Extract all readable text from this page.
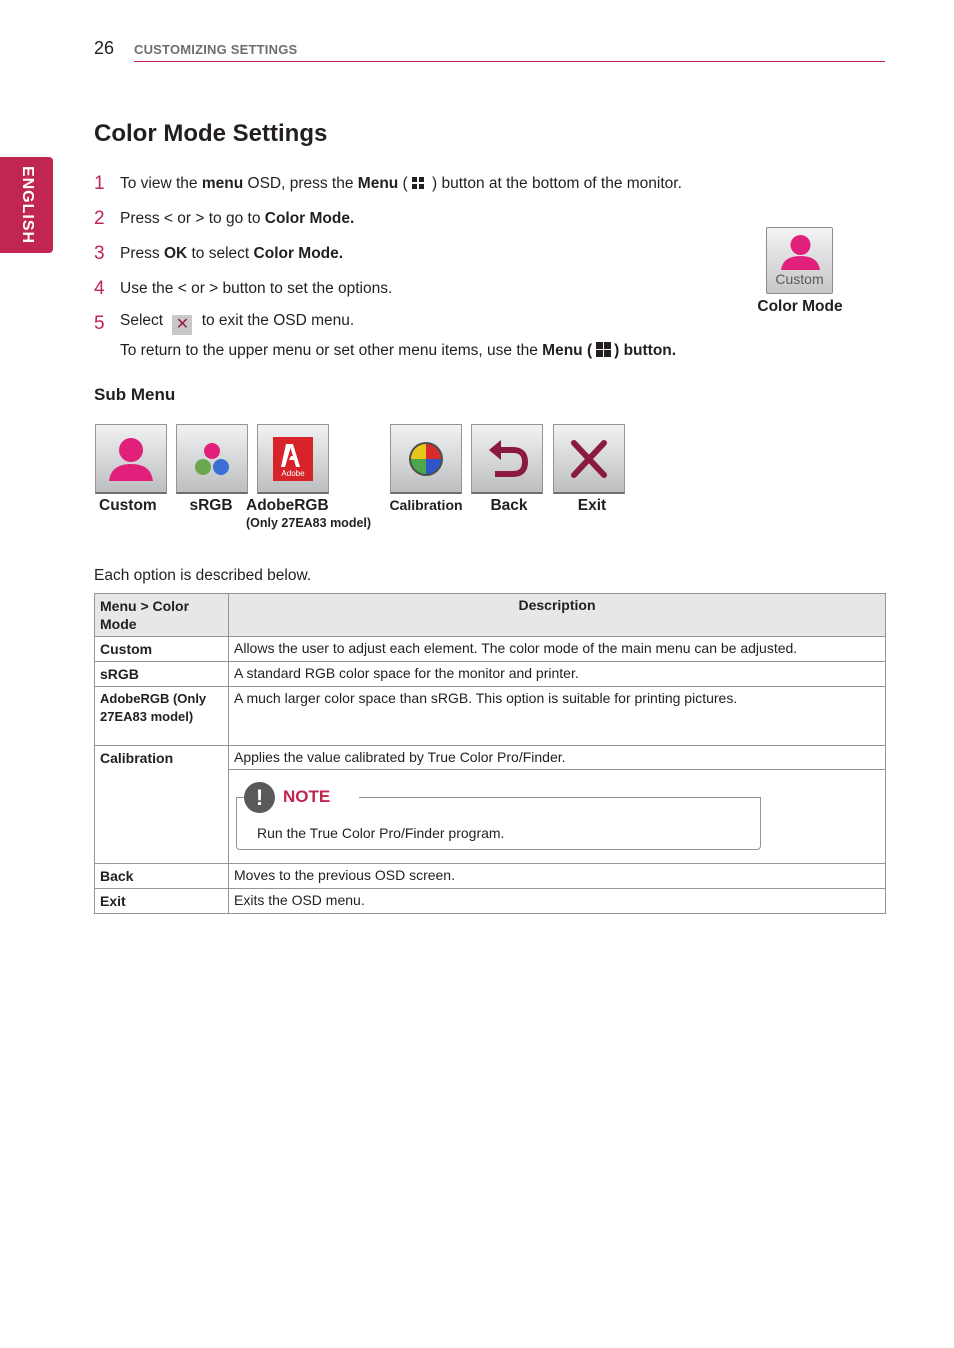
26 CUSTOMIZING SETTINGS
ENGLISH
Color Mode Settings
1 To view the menu OSD, press the Menu (
) button at the bottom of the monitor.
2 Press < or > to go to Color Mode.
3 Press OK to select Color Mode.
4 Use the < or > button to set the options.
5 Select ✕ to exit the OSD menu.
To return to the upper menu or set other menu items, use the Menu ( ) button.
Custom
Color Mode
Sub Menu
Adobe
Custom	sRGB AdobeRGB	Calibration	Back	Exit
(Only 27EA83 model)
Each option is described below.
Menu > Color Mode	Description
Custom	Allows the user to adjust each element. The color mode of the main menu can be adjusted.
sRGB	A standard RGB color space for the monitor and printer.
AdobeRGB (Only 27EA83 model)	A much larger color space than sRGB. This option is suitable for printing pictures.
Calibration	Applies the value calibrated by True Color Pro/Finder.

	Run the True Color Pro/Finder program.
! NOTE

Back	Moves to the previous OSD screen.
Exit	Exits the OSD menu.
